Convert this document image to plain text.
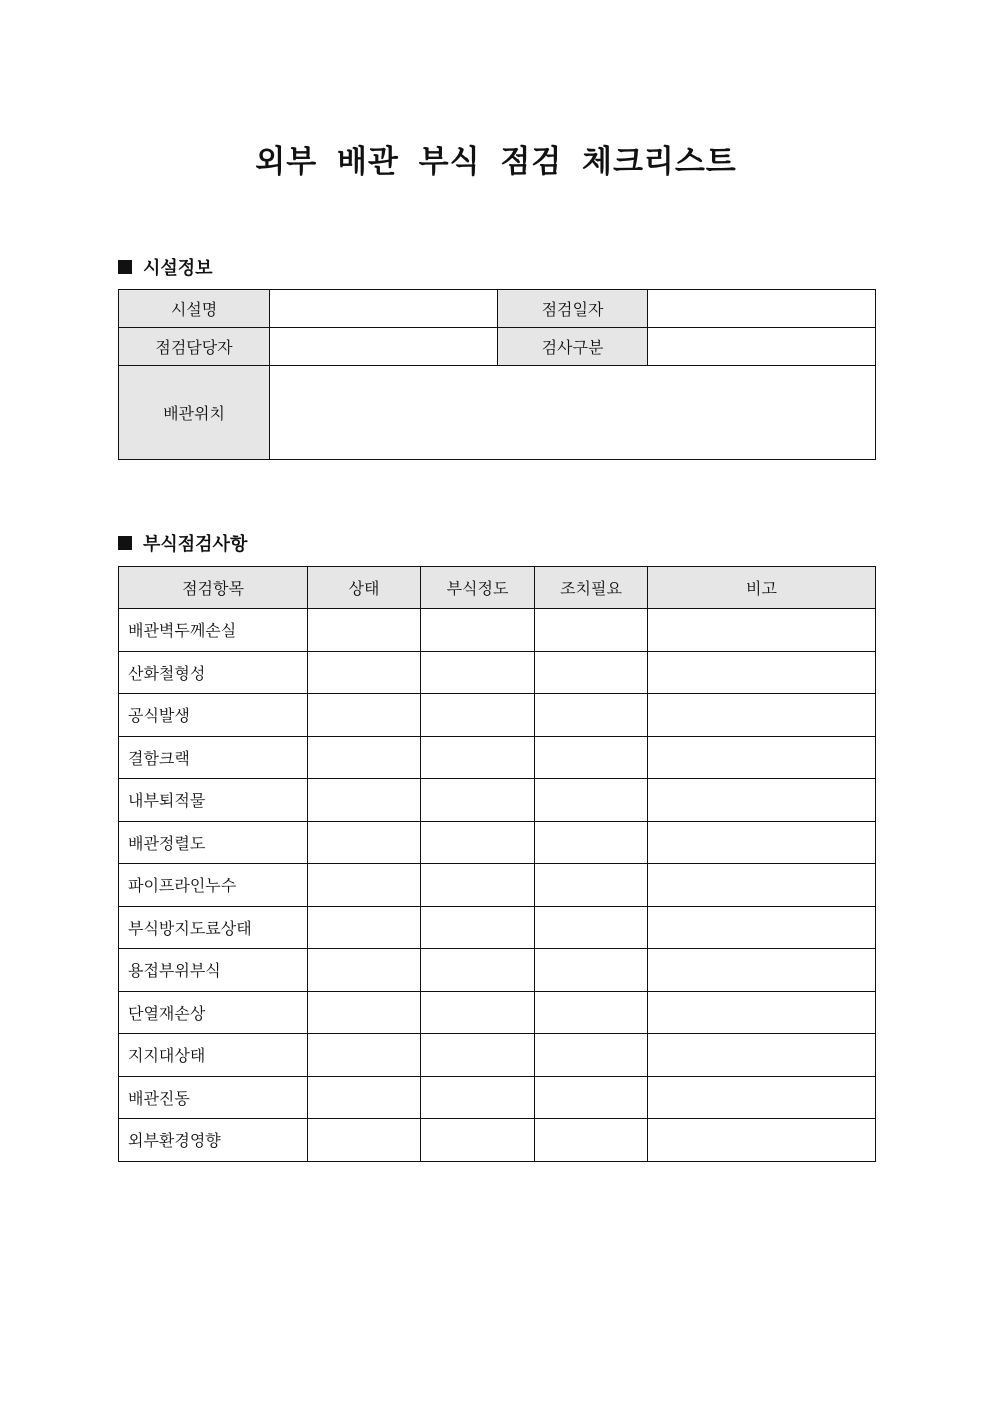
외부 배관 부식 점검 체크리스트
시설정보
시설명		점검일자	
점검담당자		검사구분	
배관위치			
부식점검사항
점검항목	상태	부식정도	조치필요	비고
배관벽두께손실				
산화철형성				
공식발생				
결함크랙				
내부퇴적물				
배관정렬도				
파이프라인누수				
부식방지도료상태				
용접부위부식				
단열재손상				
지지대상태				
배관진동				
외부환경영향				
